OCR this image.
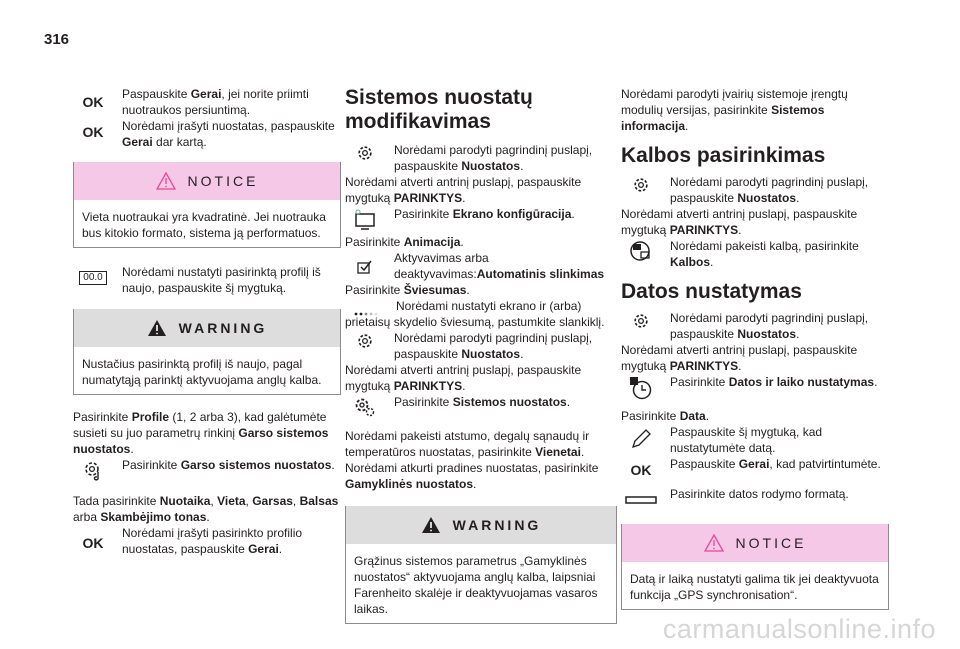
316
OK	Paspauskite Gerai, jei norite priimti nuotraukos persiuntimą.

OK	Norėdami įrašyti nuostatas, paspauskite Gerai dar kartą.

NOTICE
Vieta nuotraukai yra kvadratinė. Jei nuotrauka bus kitokio formato, sistema ją performatuos.
00.0	Norėdami nustatyti pasirinktą profilį iš naujo, paspauskite šį mygtuką.

WARNING
Nustačius pasirinktą profilį iš naujo, pagal numatytąją parinktį aktyvuojama anglų kalba.

Pasirinkite Profile (1, 2 arba 3), kad galėtumėte susieti su juo parametrų rinkinį Garso sistemos nuostatos.

Pasirinkite Garso sistemos nuostatos.

Tada pasirinkite Nuotaika, Vieta, Garsas, Balsas arba Skambėjimo tonas.

OK

Norėdami įrašyti pasirinkto profilio nuostatas, paspauskite Gerai.

Sistemos nuostatų modifikavimas

Norėdami parodyti pagrindinį puslapį, paspauskite Nuostatos.

Norėdami atverti antrinį puslapį, paspauskite mygtuką PARINKTYS.

Pasirinkite Ekrano konfigūracija.

Pasirinkite Animacija.

Aktyvavimas arba deaktyvavimas:Automatinis slinkimas

Pasirinkite Šviesumas.

Norėdami nustatyti ekrano ir (arba) prietaisų skydelio šviesumą, pastumkite slankiklį.

Norėdami parodyti pagrindinį puslapį, paspauskite Nuostatos.

Norėdami atverti antrinį puslapį, paspauskite mygtuką PARINKTYS.

Pasirinkite Sistemos nuostatos.

Norėdami pakeisti atstumo, degalų sąnaudų ir temperatūros nuostatas, pasirinkite Vienetai.

Norėdami atkurti pradines nuostatas, pasirinkite Gamyklinės nuostatos.

WARNING
Grąžinus sistemos parametrus „Gamyklinės nuostatos“ aktyvuojama anglų kalba, laipsniai Farenheito skalėje ir deaktyvuojamas vasaros laikas.

Norėdami parodyti įvairių sistemoje įrengtų modulių versijas, pasirinkite Sistemos informacija.

Kalbos pasirinkimas

Norėdami parodyti pagrindinį puslapį, paspauskite Nuostatos.

Norėdami atverti antrinį puslapį, paspauskite mygtuką PARINKTYS.

Norėdami pakeisti kalbą, pasirinkite Kalbos.

Datos nustatymas

Norėdami parodyti pagrindinį puslapį, paspauskite Nuostatos.

Norėdami atverti antrinį puslapį, paspauskite mygtuką PARINKTYS.

Pasirinkite Datos ir laiko nustatymas.

Pasirinkite Data.

Paspauskite šį mygtuką, kad nustatytumėte datą.

OK	Paspauskite Gerai, kad patvirtintumėte.

Pasirinkite datos rodymo formatą.

NOTICE
Datą ir laiką nustatyti galima tik jei deaktyvuota funkcija „GPS synchronisation“.
carmanualsonline.info
